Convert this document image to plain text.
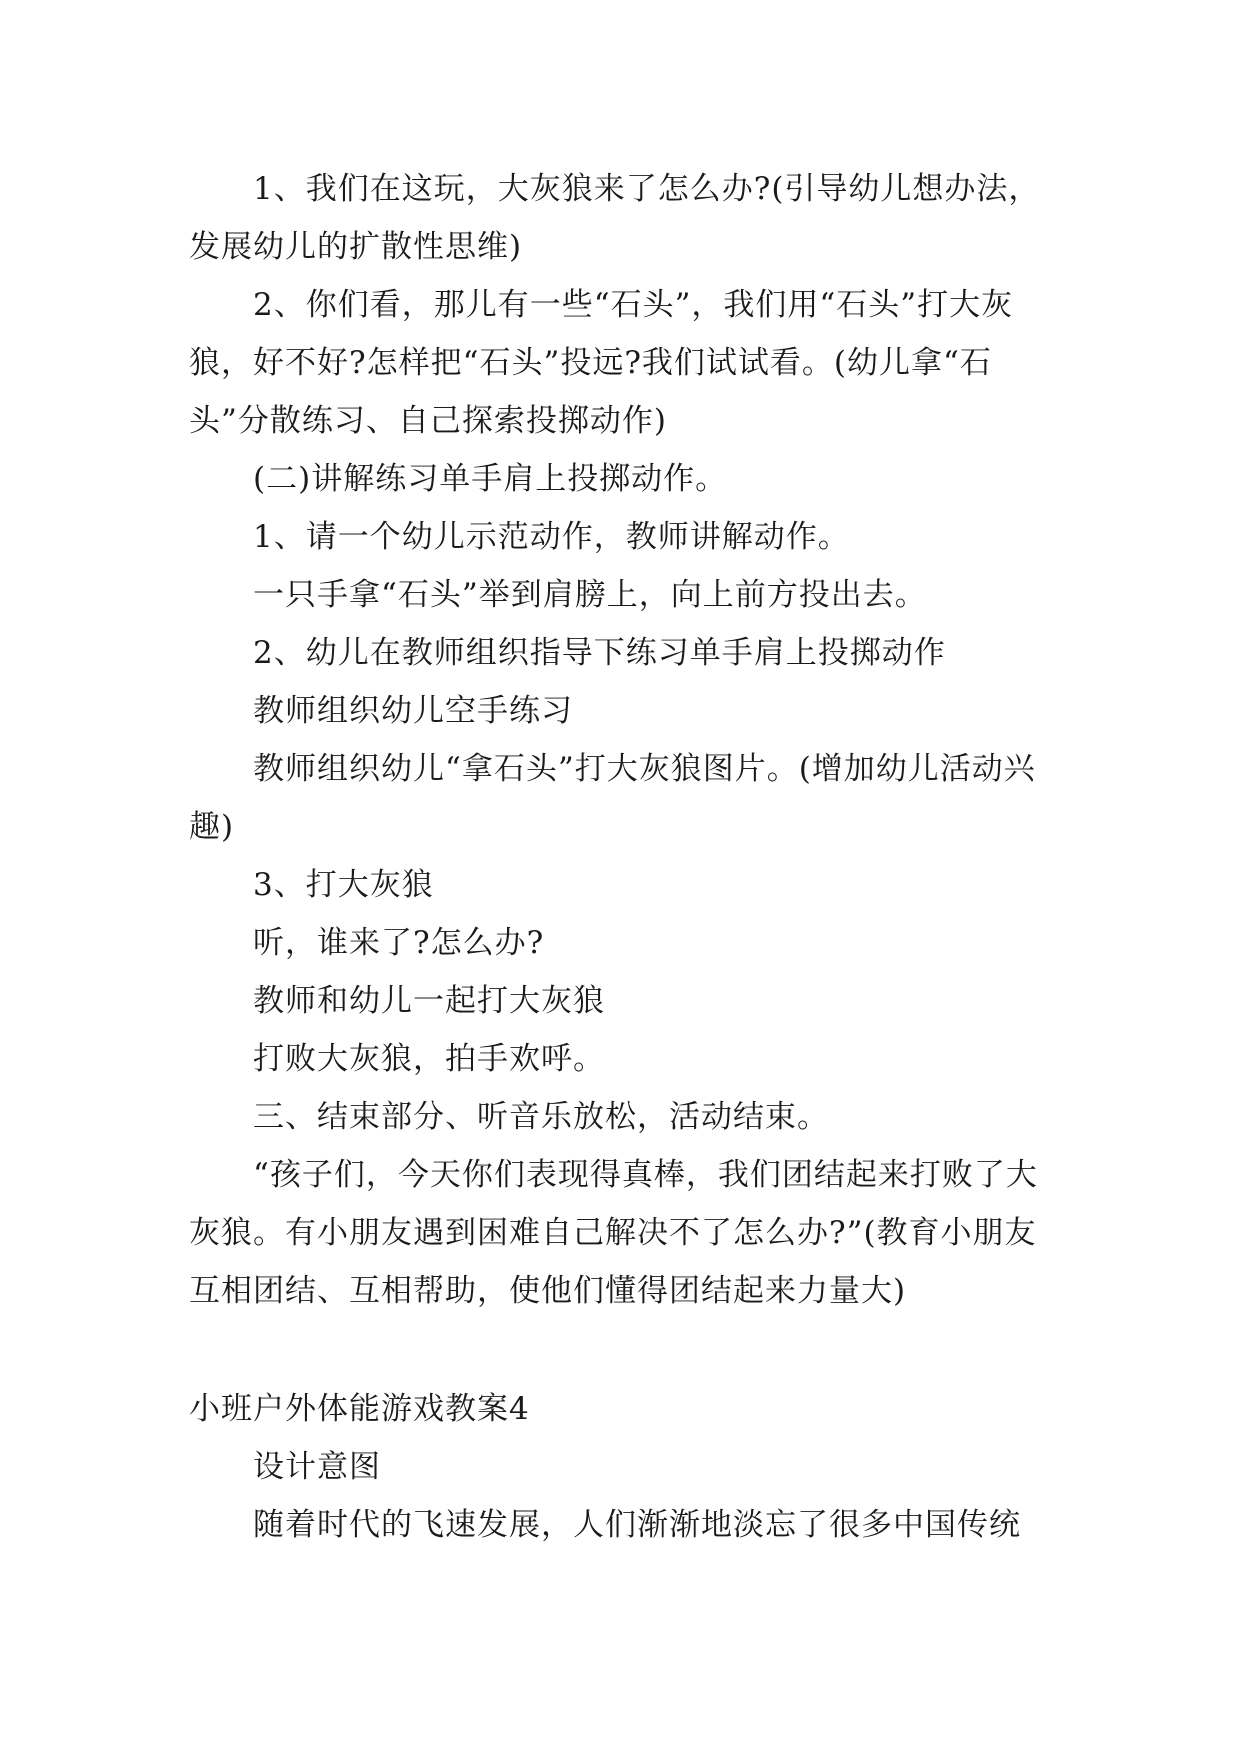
1、我们在这玩，大灰狼来了怎么办?(引导幼儿想办法，发展幼儿的扩散性思维)

2、你们看，那儿有一些“石头”，我们用“石头”打大灰狼，好不好?怎样把“石头”投远?我们试试看。(幼儿拿“石头”分散练习、自己探索投掷动作)

(二)讲解练习单手肩上投掷动作。

1、请一个幼儿示范动作，教师讲解动作。

一只手拿“石头”举到肩膀上，向上前方投出去。

2、幼儿在教师组织指导下练习单手肩上投掷动作

教师组织幼儿空手练习

教师组织幼儿“拿石头”打大灰狼图片。(增加幼儿活动兴趣)

3、打大灰狼

听，谁来了?怎么办?

教师和幼儿一起打大灰狼

打败大灰狼，拍手欢呼。

三、结束部分、听音乐放松，活动结束。

“孩子们，今天你们表现得真棒，我们团结起来打败了大灰狼。有小朋友遇到困难自己解决不了怎么办?”(教育小朋友互相团结、互相帮助，使他们懂得团结起来力量大)

小班户外体能游戏教案4

设计意图

随着时代的飞速发展，人们渐渐地淡忘了很多中国传统
